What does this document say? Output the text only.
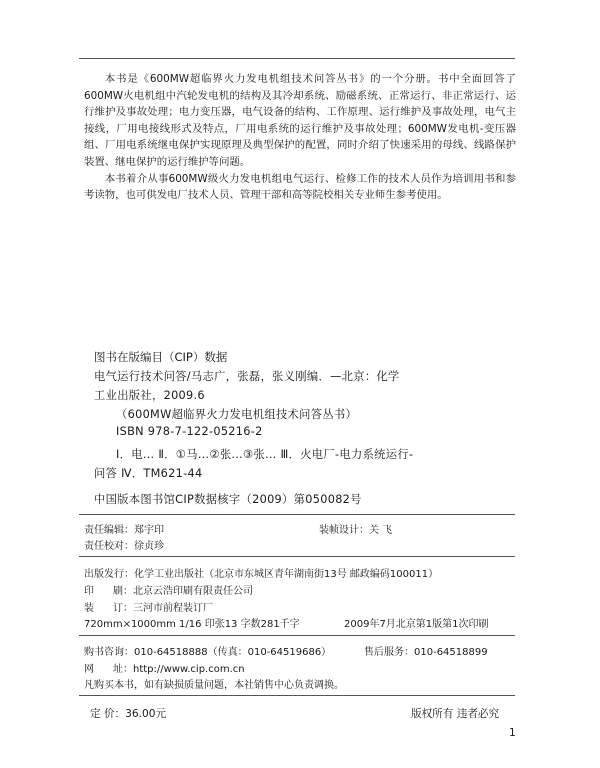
本书是《600MW超临界火力发电机组技术问答丛书》的一个分册。书中全面回答了600MW火电机组中汽轮发电机的结构及其冷却系统、励磁系统、正常运行、非正常运行、运行维护及事故处理；电力变压器，电气设备的结构、工作原理、运行维护及事故处理，电气主接线，厂用电接线形式及特点，厂用电系统的运行维护及事故处理；600MW发电机-变压器组、厂用电系统继电保护实现原理及典型保护的配置，同时介绍了快速采用的母线、线路保护装置、继电保护的运行维护等问题。

本书着介从事600MW级火力发电机组电气运行、检修工作的技术人员作为培训用书和参考读物，也可供发电厂技术人员、管理干部和高等院校相关专业师生参考使用。

图书在版编目（CIP）数据
电气运行技术问答/马志广，张磊，张义刚编．—北京：化学
工业出版社，2009.6
（600MW超临界火力发电机组技术问答丛书）
ISBN 978-7-122-05216-2
Ⅰ．电… Ⅱ．①马…②张…③张… Ⅲ．火电厂-电力系统运行-
问答 Ⅳ．TM621-44
中国版本图书馆CIP数据核字（2009）第050082号
责任编辑：郑宇印	装帧设计：关 飞
责任校对：徐贞珍
出版发行：化学工业出版社（北京市东城区青年湖南街13号 邮政编码100011）
印 刷：北京云浩印刷有限责任公司
装 订：三河市前程装订厂
720mm×1000mm 1/16 印张13 字数281千字	2009年7月北京第1版第1次印刷
购书咨询：010-64518888（传真：010-64519686）	售后服务：010-64518899
网 址：http://www.cip.com.cn
凡购买本书，如有缺损质量问题，本社销售中心负责调换。
定 价：36.00元	版权所有 违者必究
1
